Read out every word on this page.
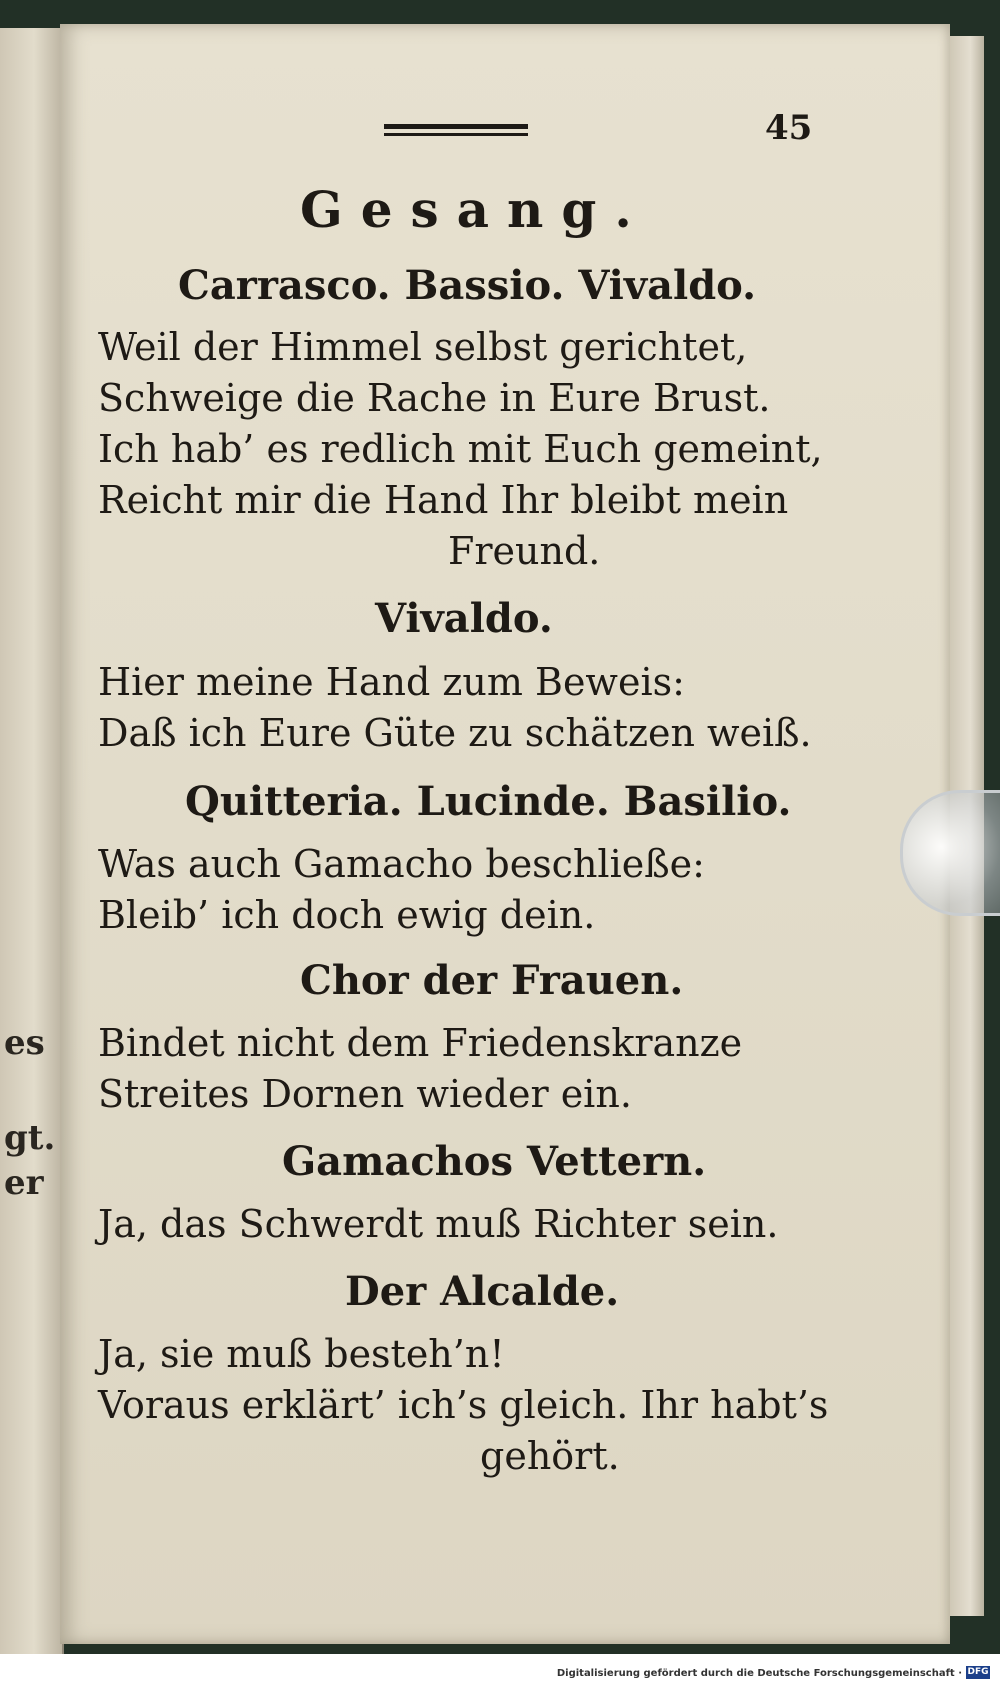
es
gt.
er
45
Gesang.
Carrasco. Bassio. Vivaldo.
Weil der Himmel selbst gerichtet,
Schweige die Rache in Eure Brust.
Ich hab’ es redlich mit Euch gemeint,
Reicht mir die Hand Ihr bleibt mein
Freund.
Vivaldo.
Hier meine Hand zum Beweis:
Daß ich Eure Güte zu schätzen weiß.
Quitteria. Lucinde. Basilio.
Was auch Gamacho beschließe:
Bleib’ ich doch ewig dein.
Chor der Frauen.
Bindet nicht dem Friedenskranze
Streites Dornen wieder ein.
Gamachos Vettern.
Ja, das Schwerdt muß Richter sein.
Der Alcalde.
Ja, sie muß besteh’n!
Voraus erklärt’ ich’s gleich. Ihr habt’s
gehört.
Digitalisierung gefördert durch die Deutsche Forschungsgemeinschaft · DFG
